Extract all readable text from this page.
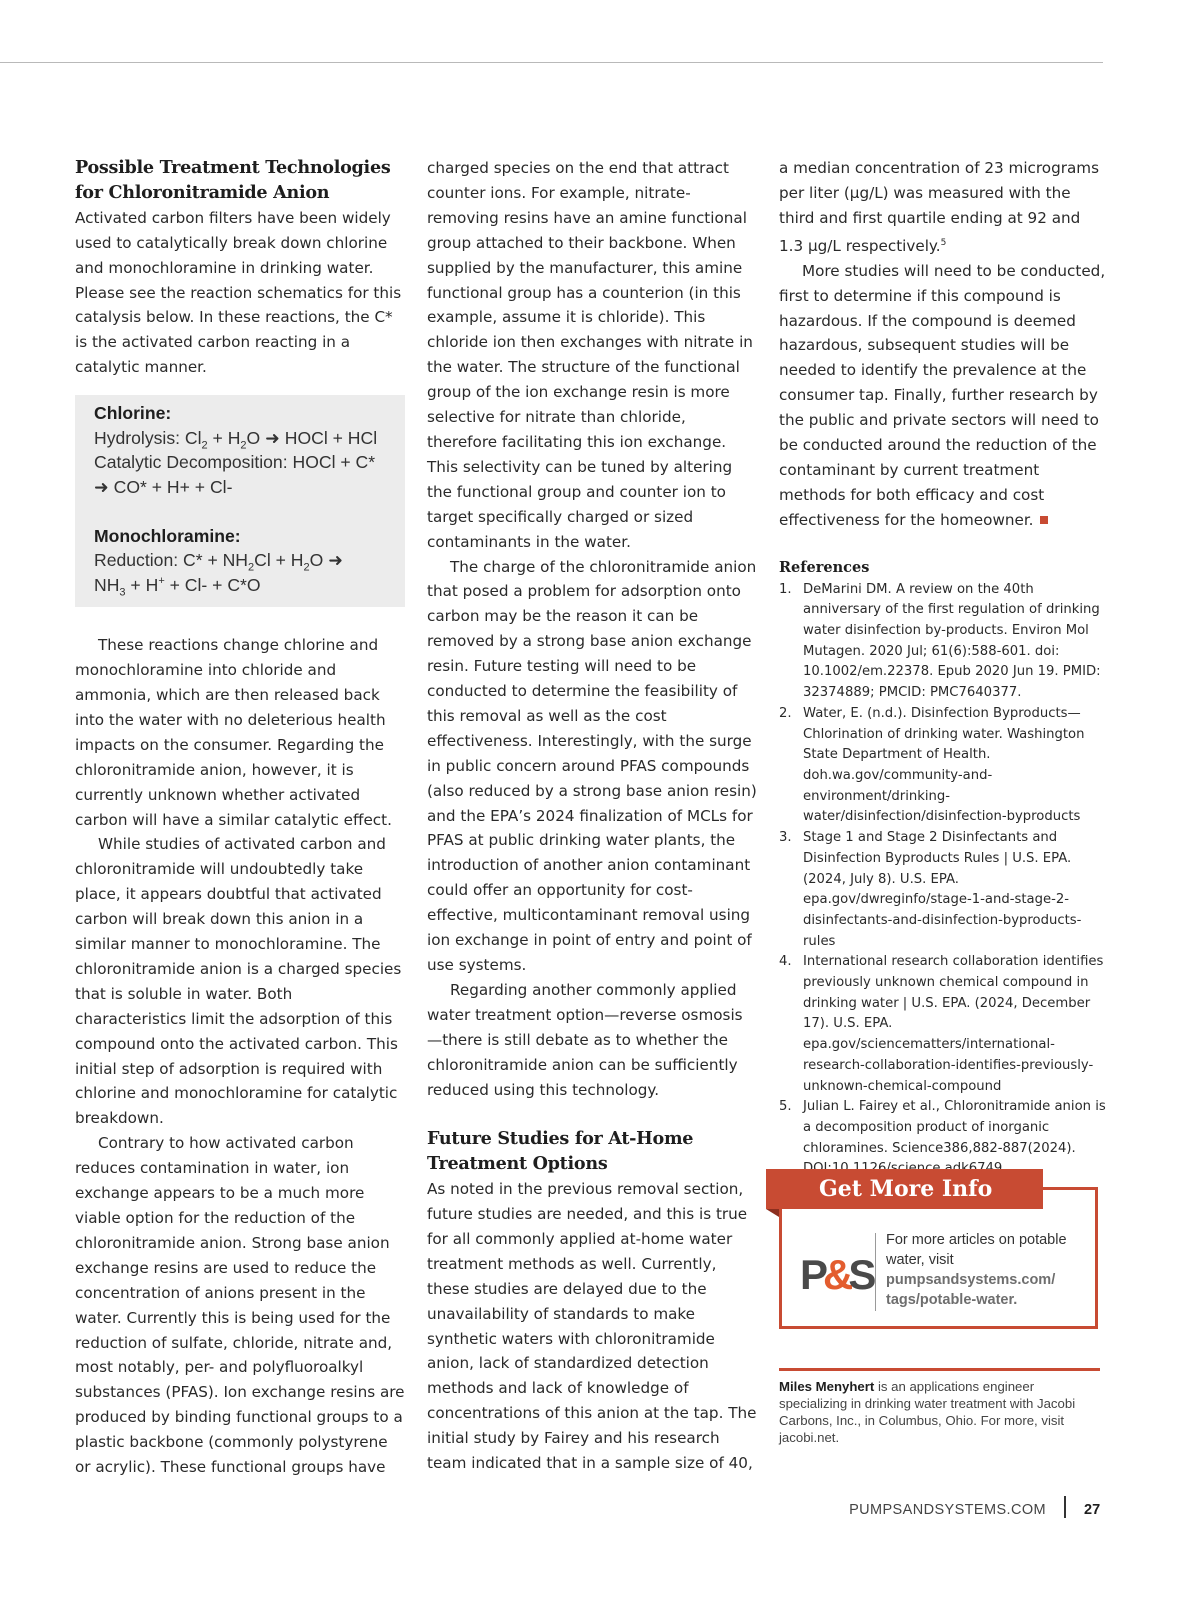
Possible Treatment Technologies for Chloronitramide Anion

Activated carbon filters have been widely used to catalytically break down chlorine and monochloramine in drinking water. Please see the reaction schematics for this catalysis below. In these reactions, the C* is the activated carbon reacting in a catalytic manner.

Chlorine:
Hydrolysis: $Cl_2 + H_2O$ ➜ HOCl + HCl
Catalytic Decomposition: HOCl + C*
➜ CO* + H+ + Cl-
Monochloramine:
Reduction: $C* + NH_2Cl + H_2O$ ➜
$NH_3 + H^+ + Cl- + C*O$

These reactions change chlorine and monochloramine into chloride and ammonia, which are then released back into the water with no deleterious health impacts on the consumer. Regarding the chloronitramide anion, however, it is currently unknown whether activated carbon will have a similar catalytic effect.

While studies of activated carbon and chloronitramide will undoubtedly take place, it appears doubtful that activated carbon will break down this anion in a similar manner to monochloramine. The chloronitramide anion is a charged species that is soluble in water. Both characteristics limit the adsorption of this compound onto the activated carbon. This initial step of adsorption is required with chlorine and monochloramine for catalytic breakdown.

Contrary to how activated carbon reduces contamination in water, ion exchange appears to be a much more viable option for the reduction of the chloronitramide anion. Strong base anion exchange resins are used to reduce the concentration of anions present in the water. Currently this is being used for the reduction of sulfate, chloride, nitrate and, most notably, per- and polyfluoroalkyl substances (PFAS). Ion exchange resins are produced by binding functional groups to a plastic backbone (commonly polystyrene or acrylic). These functional groups have

charged species on the end that attract counter ions. For example, nitrate-removing resins have an amine functional group attached to their backbone. When supplied by the manufacturer, this amine functional group has a counterion (in this example, assume it is chloride). This chloride ion then exchanges with nitrate in the water. The structure of the functional group of the ion exchange resin is more selective for nitrate than chloride, therefore facilitating this ion exchange. This selectivity can be tuned by altering the functional group and counter ion to target specifically charged or sized contaminants in the water.

The charge of the chloronitramide anion that posed a problem for adsorption onto carbon may be the reason it can be removed by a strong base anion exchange resin. Future testing will need to be conducted to determine the feasibility of this removal as well as the cost effectiveness. Interestingly, with the surge in public concern around PFAS compounds (also reduced by a strong base anion resin) and the EPA’s 2024 finalization of MCLs for PFAS at public drinking water plants, the introduction of another anion contaminant could offer an opportunity for cost-effective, multicontaminant removal using ion exchange in point of entry and point of use systems.

Regarding another commonly applied water treatment option—reverse osmosis—there is still debate as to whether the chloronitramide anion can be sufficiently reduced using this technology.

Future Studies for At-Home Treatment Options

As noted in the previous removal section, future studies are needed, and this is true for all commonly applied at-home water treatment methods as well. Currently, these studies are delayed due to the unavailability of standards to make synthetic waters with chloronitramide anion, lack of standardized detection methods and lack of knowledge of concentrations of this anion at the tap. The initial study by Fairey and his research team indicated that in a sample size of 40,

a median concentration of 23 micrograms per liter (µg/L) was measured with the third and first quartile ending at 92 and 1.3 µg/L respectively.$^5$

More studies will need to be conducted, first to determine if this compound is hazardous. If the compound is deemed hazardous, subsequent studies will be needed to identify the prevalence at the consumer tap. Finally, further research by the public and private sectors will need to be conducted around the reduction of the contaminant by current treatment methods for both efficacy and cost effectiveness for the homeowner.

References
1. DeMarini DM. A review on the 40th anniversary of the first regulation of drinking water disinfection by-products. Environ Mol Mutagen. 2020 Jul; 61(6):588-601. doi: 10.1002/em.22378. Epub 2020 Jun 19. PMID: 32374889; PMCID: PMC7640377.
2. Water, E. (n.d.). Disinfection Byproducts—Chlorination of drinking water. Washington State Department of Health. doh.wa.gov/community-and-environment/drinking-water/disinfection/disinfection-byproducts
3. Stage 1 and Stage 2 Disinfectants and Disinfection Byproducts Rules | U.S. EPA. (2024, July 8). U.S. EPA. epa.gov/dwreginfo/stage-1-and-stage-2-disinfectants-and-disinfection-byproducts-rules
4. International research collaboration identifies previously unknown chemical compound in drinking water | U.S. EPA. (2024, December 17). U.S. EPA. epa.gov/sciencematters/international-research-collaboration-identifies-previously-unknown-chemical-compound
5. Julian L. Fairey et al., Chloronitramide anion is a decomposition product of inorganic chloramines. Science386,882-887(2024).
Get More Info
P&S
For more articles on potable water, visit
pumpsandsystems.com/
tags/potable-water.
Miles Menyhert is an applications engineer specializing in drinking water treatment with Jacobi Carbons, Inc., in Columbus, Ohio. For more, visit jacobi.net.
PUMPSANDSYSTEMS.COM	27
